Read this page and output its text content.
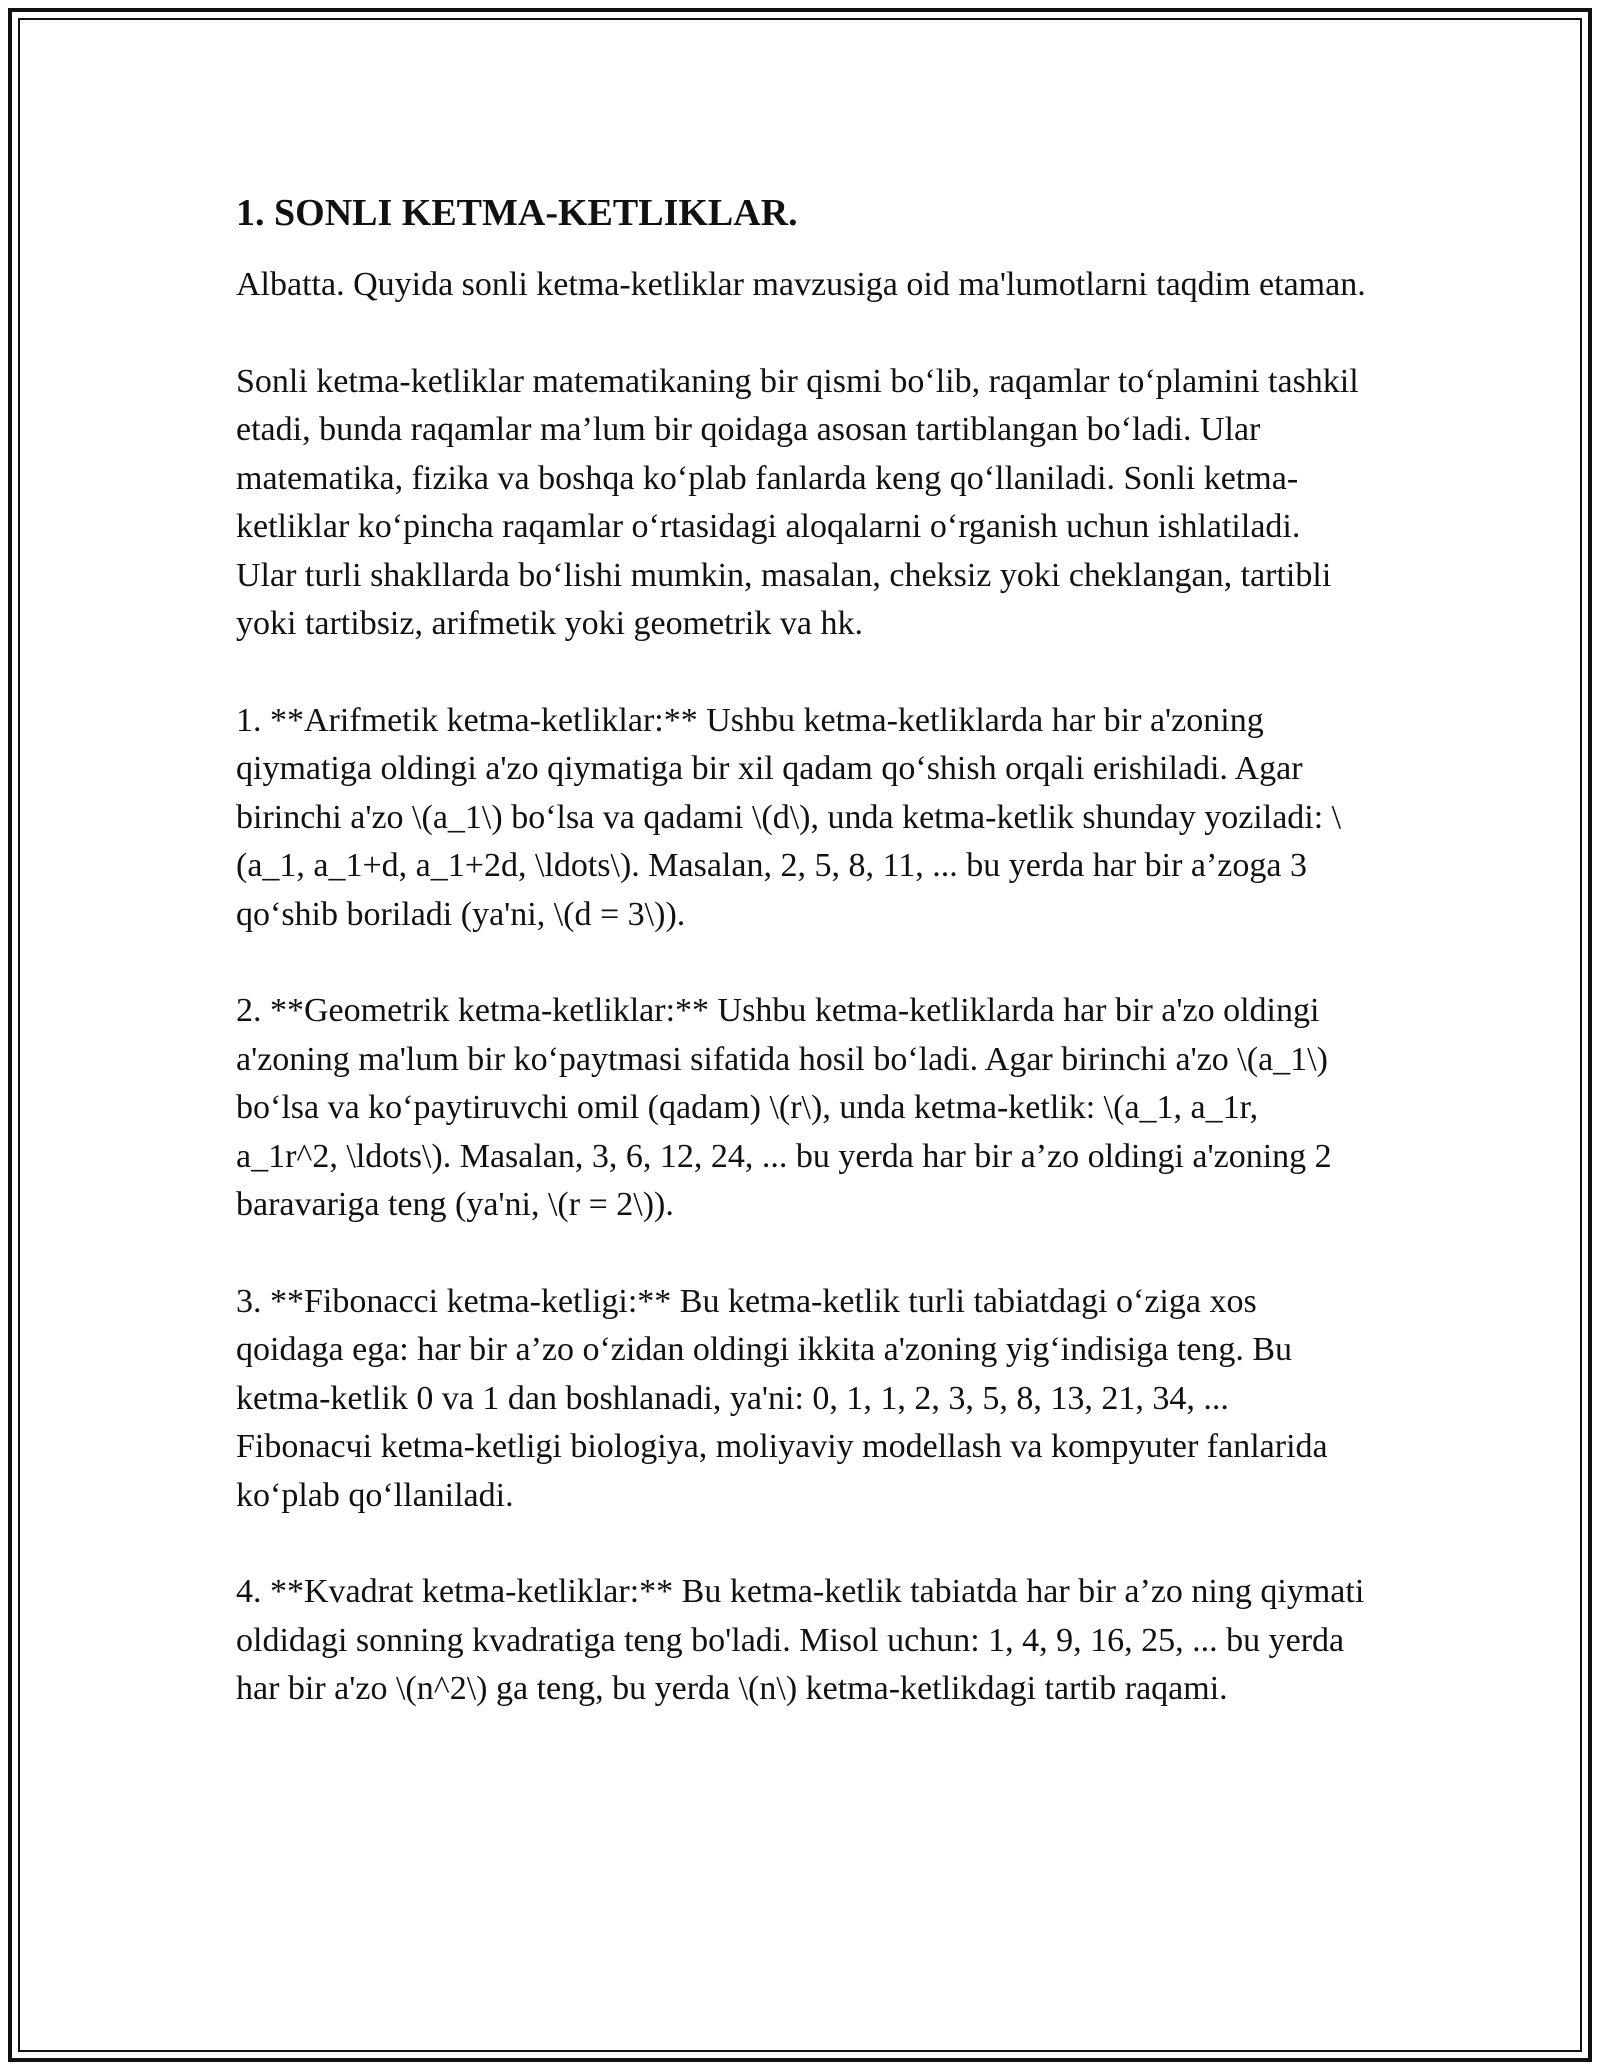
1. SONLI KETMA-KETLIKLAR.

Albatta. Quyida sonli ketma-ketliklar mavzusiga oid ma'lumotlarni taqdim etaman.

Sonli ketma-ketliklar matematikaning bir qismi bo‘lib, raqamlar to‘plamini tashkil etadi, bunda raqamlar ma’lum bir qoidaga asosan tartiblangan bo‘ladi. Ular matematika, fizika va boshqa ko‘plab fanlarda keng qo‘llaniladi. Sonli ketma-ketliklar ko‘pincha raqamlar o‘rtasidagi aloqalarni o‘rganish uchun ishlatiladi. Ular turli shakllarda bo‘lishi mumkin, masalan, cheksiz yoki cheklangan, tartibli yoki tartibsiz, arifmetik yoki geometrik va hk.

1. **Arifmetik ketma-ketliklar:** Ushbu ketma-ketliklarda har bir a'zoning qiymatiga oldingi a'zo qiymatiga bir xil qadam qo‘shish orqali erishiladi. Agar birinchi a'zo \(a_1\) bo‘lsa va qadami \(d\), unda ketma-ketlik shunday yoziladi: \(a_1, a_1+d, a_1+2d, \ldots\). Masalan, 2, 5, 8, 11, ... bu yerda har bir a’zoga 3 qo‘shib boriladi (ya'ni, \(d = 3\)).

2. **Geometrik ketma-ketliklar:** Ushbu ketma-ketliklarda har bir a'zo oldingi a'zoning ma'lum bir ko‘paytmasi sifatida hosil bo‘ladi. Agar birinchi a'zo \(a_1\) bo‘lsa va ko‘paytiruvchi omil (qadam) \(r\), unda ketma-ketlik: \(a_1, a_1r, a_1r^2, \ldots\). Masalan, 3, 6, 12, 24, ... bu yerda har bir a’zo oldingi a'zoning 2 baravariga teng (ya'ni, \(r = 2\)).

3. **Fibonacci ketma-ketligi:** Bu ketma-ketlik turli tabiatdagi o‘ziga xos qoidaga ega: har bir a’zo o‘zidan oldingi ikkita a'zoning yig‘indisiga teng. Bu ketma-ketlik 0 va 1 dan boshlanadi, ya'ni: 0, 1, 1, 2, 3, 5, 8, 13, 21, 34, ... Fibonacчi ketma-ketligi biologiya, moliyaviy modellash va kompyuter fanlarida ko‘plab qo‘llaniladi.

4. **Kvadrat ketma-ketliklar:** Bu ketma-ketlik tabiatda har bir a’zo ning qiymati oldidagi sonning kvadratiga teng bo'ladi. Misol uchun: 1, 4, 9, 16, 25, ... bu yerda har bir a'zo \(n^2\) ga teng, bu yerda \(n\) ketma-ketlikdagi tartib raqami.
